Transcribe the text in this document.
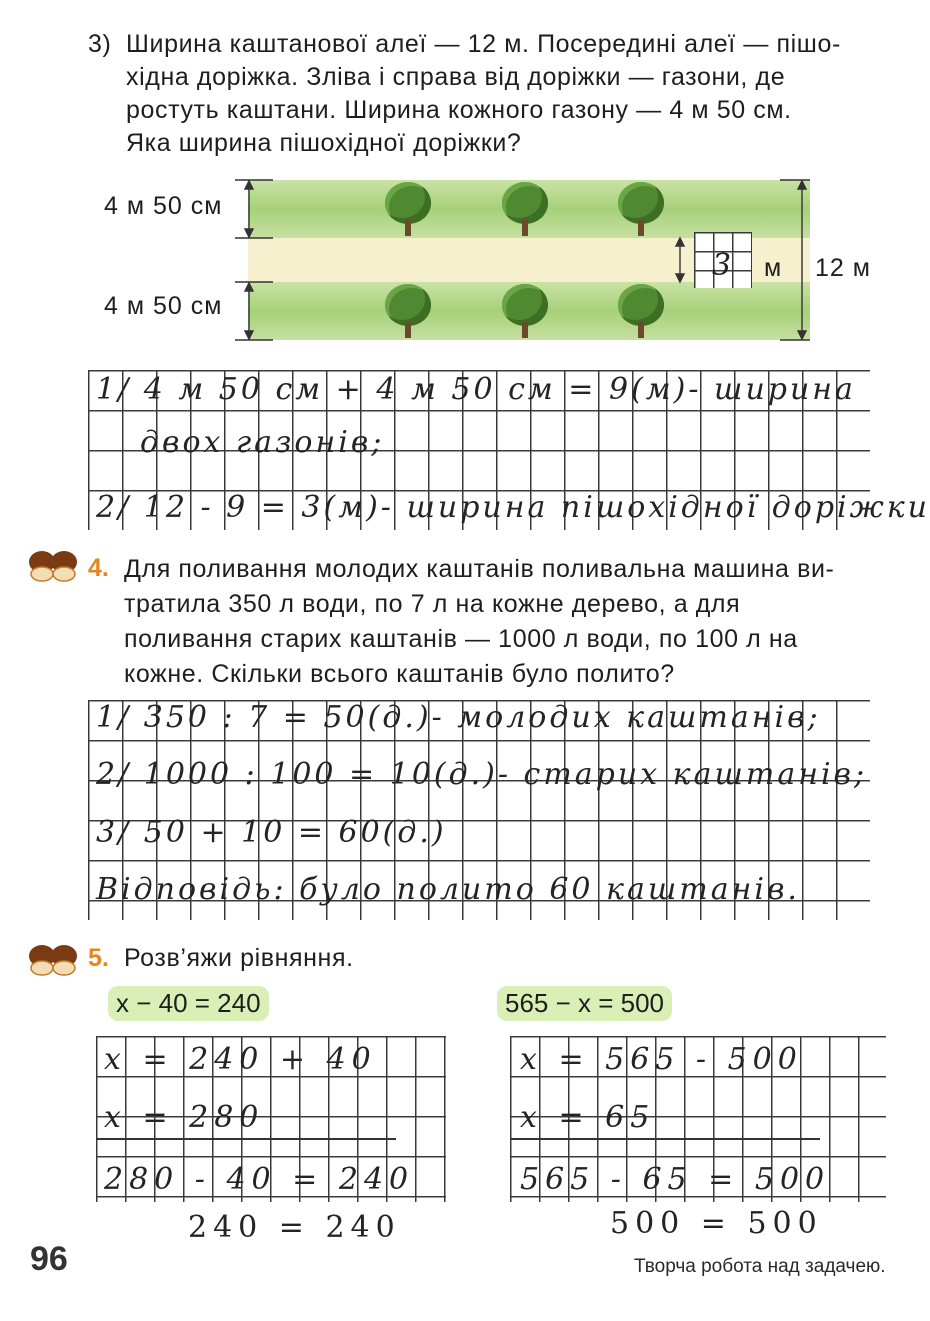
3) Ширина каштанової алеї — 12 м. Посередині алеї — пішо-
хідна доріжка. Зліва і справа від доріжки — газони, де
ростуть каштани. Ширина кожного газону — 4 м 50 см.
Яка ширина пішохідної доріжки?
4 м 50 см
4 м 50 см
3 м 12 м
1/ 4 м 50 см + 4 м 50 см = 9(м)- ширина
двох газонів;
2/ 12 - 9 = 3(м)- ширина пішохідної доріжки
4. Для поливання молодих каштанів поливальна машина ви-
тратила 350 л води, по 7 л на кожне дерево, а для
поливання старих каштанів — 1000 л води, по 100 л на
кожне. Скільки всього каштанів було полито?
1/ 350 : 7 = 50(д.)- молодих каштанів;
2/ 1000 : 100 = 10(д.)- старих каштанів;
3/ 50 + 10 = 60(д.)
Відповідь: було полито 60 каштанів.
5. Розв’яжи рівняння.
x − 40 = 240	565 − x = 500
x = 240 + 40
x = 280
280 - 40 = 240
240 = 240
x = 565 - 500
x = 65
565 - 65 = 500
500 = 500
96	Творча робота над задачею.
